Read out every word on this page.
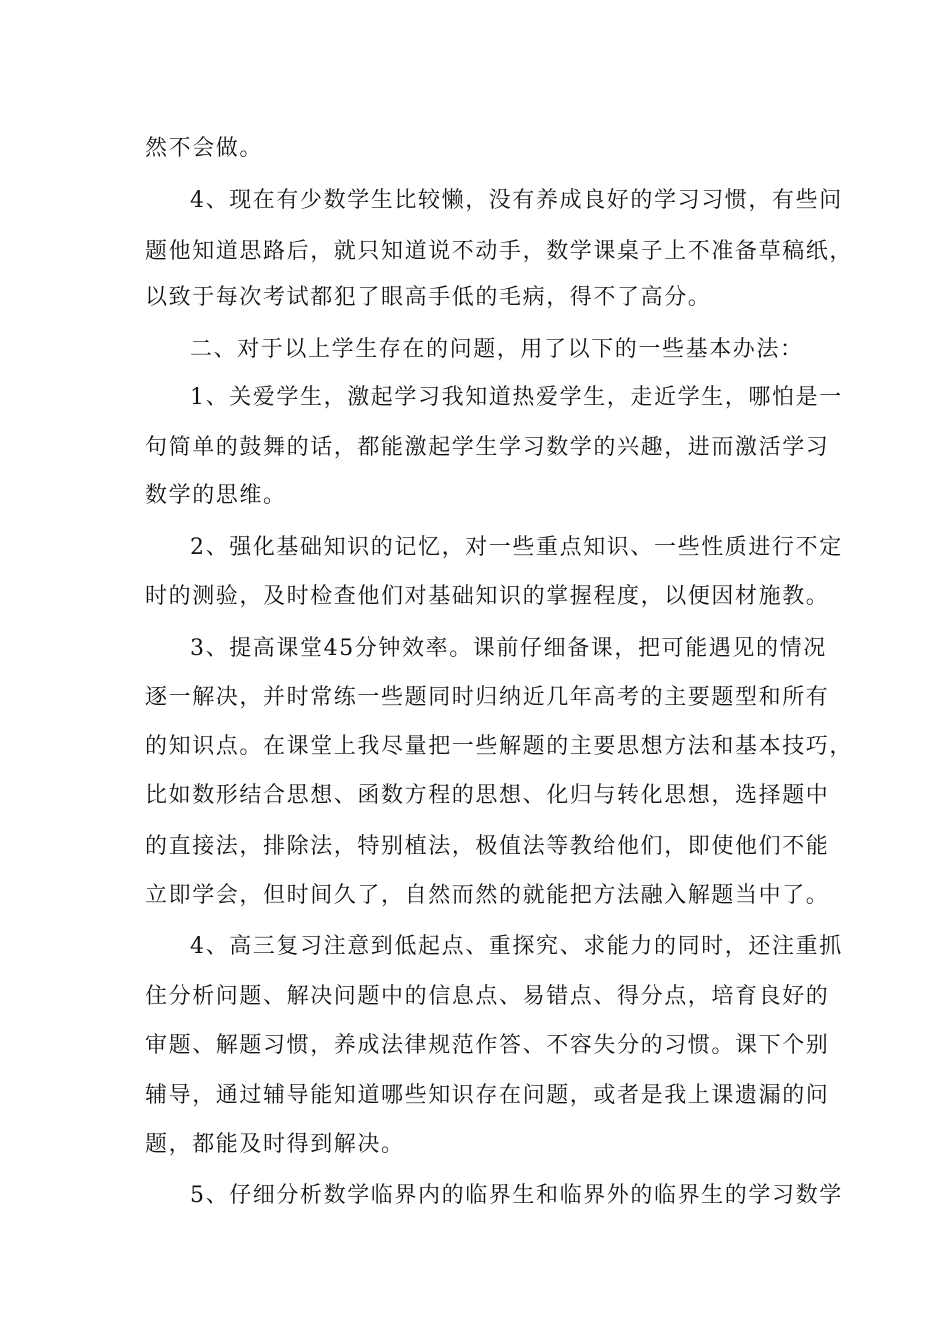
然不会做。
4、现在有少数学生比较懒，没有养成良好的学习习惯，有些问
题他知道思路后，就只知道说不动手，数学课桌子上不准备草稿纸，
以致于每次考试都犯了眼高手低的毛病，得不了高分。
二、对于以上学生存在的问题，用了以下的一些基本办法：
1、关爱学生，激起学习我知道热爱学生，走近学生，哪怕是一
句简单的鼓舞的话，都能激起学生学习数学的兴趣，进而激活学习
数学的思维。
2、强化基础知识的记忆，对一些重点知识、一些性质进行不定
时的测验，及时检查他们对基础知识的掌握程度，以便因材施教。
3、提高课堂45分钟效率。课前仔细备课，把可能遇见的情况
逐一解决，并时常练一些题同时归纳近几年高考的主要题型和所有
的知识点。在课堂上我尽量把一些解题的主要思想方法和基本技巧，
比如数形结合思想、函数方程的思想、化归与转化思想，选择题中
的直接法，排除法，特别植法，极值法等教给他们，即使他们不能
立即学会，但时间久了，自然而然的就能把方法融入解题当中了。
4、高三复习注意到低起点、重探究、求能力的同时，还注重抓
住分析问题、解决问题中的信息点、易错点、得分点，培育良好的
审题、解题习惯，养成法律规范作答、不容失分的习惯。课下个别
辅导，通过辅导能知道哪些知识存在问题，或者是我上课遗漏的问
题，都能及时得到解决。
5、仔细分析数学临界内的临界生和临界外的临界生的学习数学
